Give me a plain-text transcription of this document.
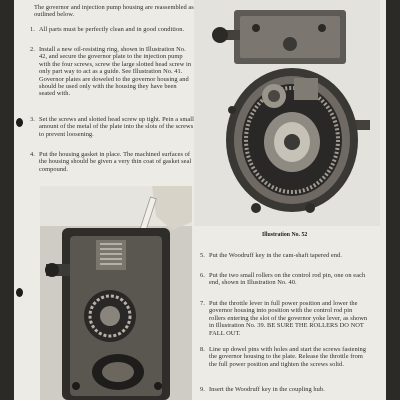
The governor and injection pump housing are reassembled as outlined below.

1. All parts must be perfectly clean and in good condition.
2. Install a new oil-resisting ring, shown in Illustration No. 42, and secure the governor plate to the injection pump with the four screws, screw the large slotted head screw in only part way to act as a guide. See Illustration No. 41. Governor plates are doweled to the governor housing and should be used only with the housing they have been seated with.
3. Set the screws and slotted head screw up tight. Pein a small amount of the metal of the plate into the slots of the screws to prevent loosening.
4. Put the housing gasket in place. The machined surfaces of the housing should be given a very thin coat of gasket seal compound.
Illustration No. 52
5. Put the Woodruff key in the cam-shaft tapered end.
6. Put the two small rollers on the control rod pin, one on each end, shown in Illustration No. 40.
7. Put the throttle lever in full power position and lower the governor housing into position with the control rod pin rollers entering the slot of the governor yoke lever, as shown in Illustration No. 39. BE SURE THE ROLLERS DO NOT FALL OUT.
8. Line up dowel pins with holes and start the screws fastening the governor housing to the plate. Release the throttle from the full power position and tighten the screws solid.
9. Insert the Woodruff key in the coupling hub.
